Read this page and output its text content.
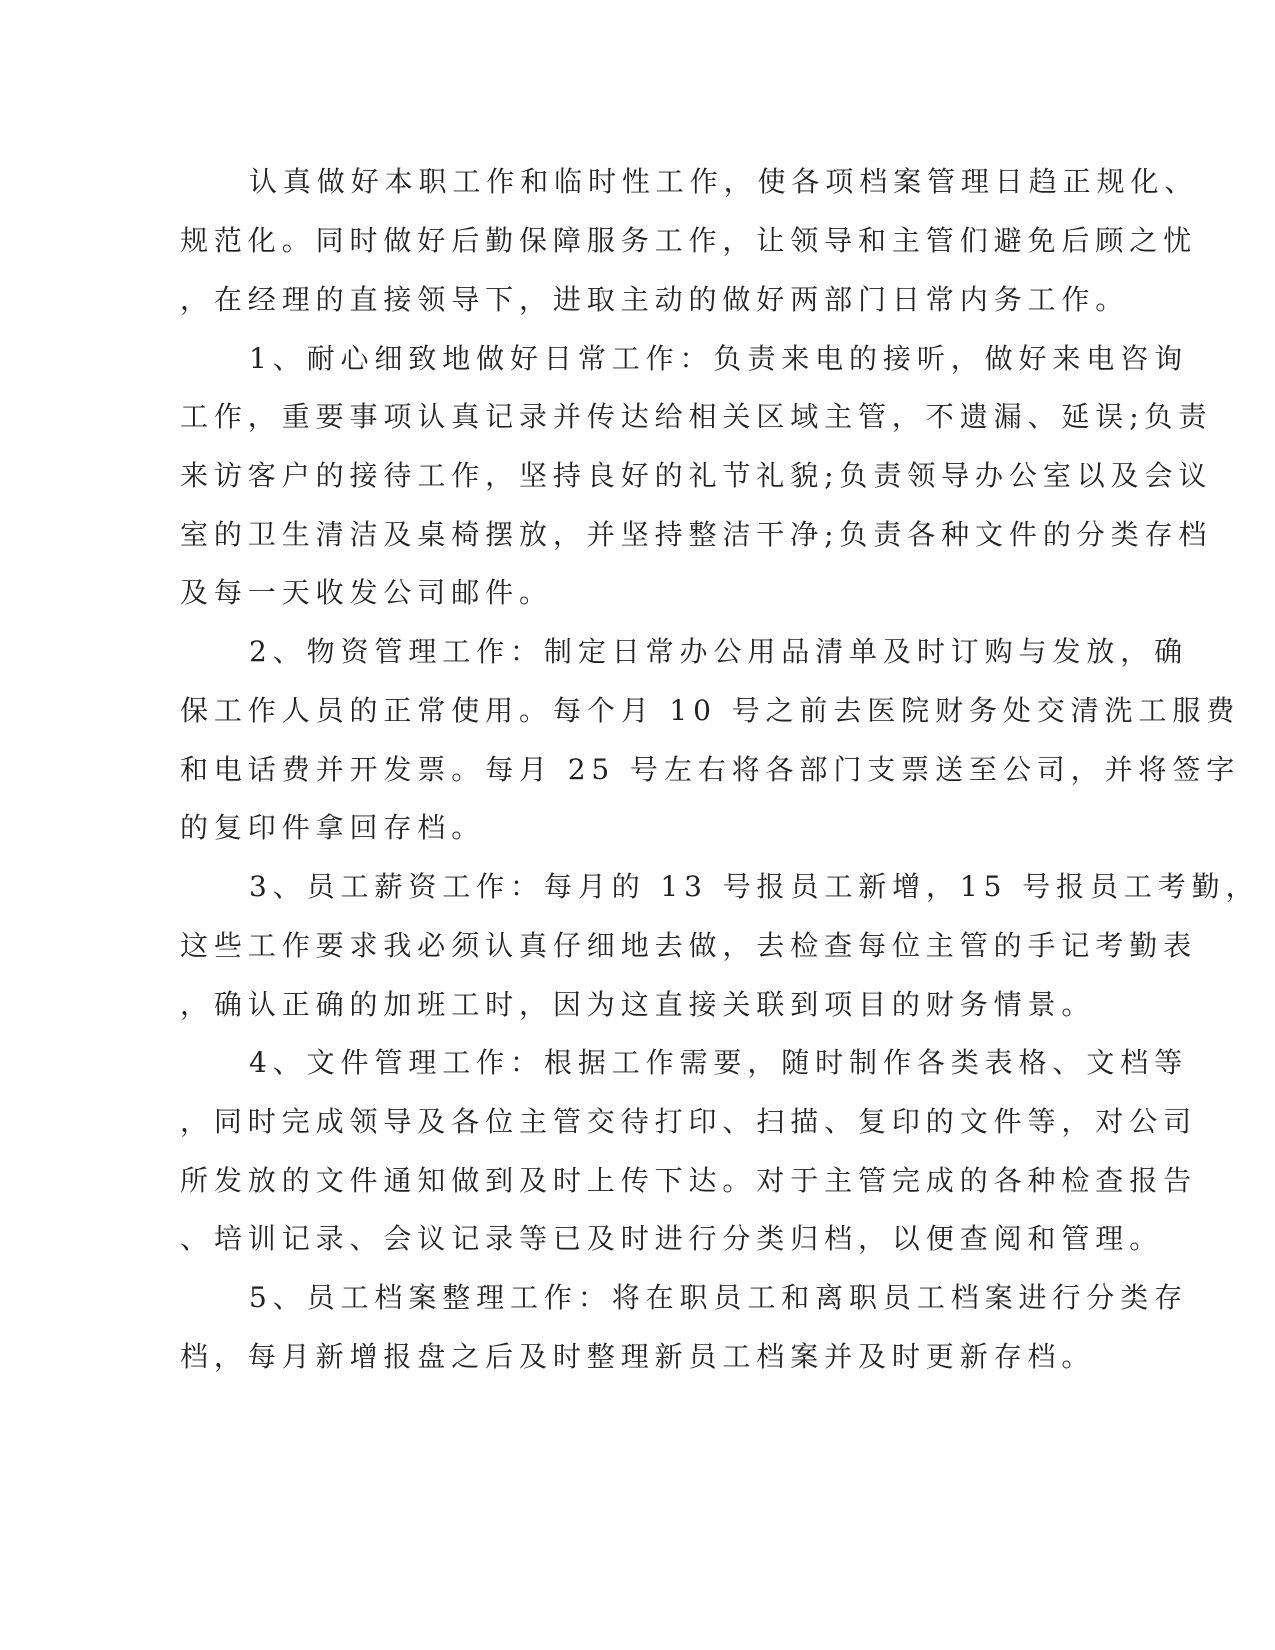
认真做好本职工作和临时性工作，使各项档案管理日趋正规化、

规范化。同时做好后勤保障服务工作，让领导和主管们避免后顾之忧

，在经理的直接领导下，进取主动的做好两部门日常内务工作。

1、耐心细致地做好日常工作：负责来电的接听，做好来电咨询

工作，重要事项认真记录并传达给相关区域主管，不遗漏、延误;负责

来访客户的接待工作，坚持良好的礼节礼貌;负责领导办公室以及会议

室的卫生清洁及桌椅摆放，并坚持整洁干净;负责各种文件的分类存档

及每一天收发公司邮件。

2、物资管理工作：制定日常办公用品清单及时订购与发放，确

保工作人员的正常使用。每个月 10 号之前去医院财务处交清洗工服费

和电话费并开发票。每月 25 号左右将各部门支票送至公司，并将签字

的复印件拿回存档。

3、员工薪资工作：每月的 13 号报员工新增，15 号报员工考勤，

这些工作要求我必须认真仔细地去做，去检查每位主管的手记考勤表

，确认正确的加班工时，因为这直接关联到项目的财务情景。

4、文件管理工作：根据工作需要，随时制作各类表格、文档等

，同时完成领导及各位主管交待打印、扫描、复印的文件等，对公司

所发放的文件通知做到及时上传下达。对于主管完成的各种检查报告

、培训记录、会议记录等已及时进行分类归档，以便查阅和管理。

5、员工档案整理工作：将在职员工和离职员工档案进行分类存

档，每月新增报盘之后及时整理新员工档案并及时更新存档。
